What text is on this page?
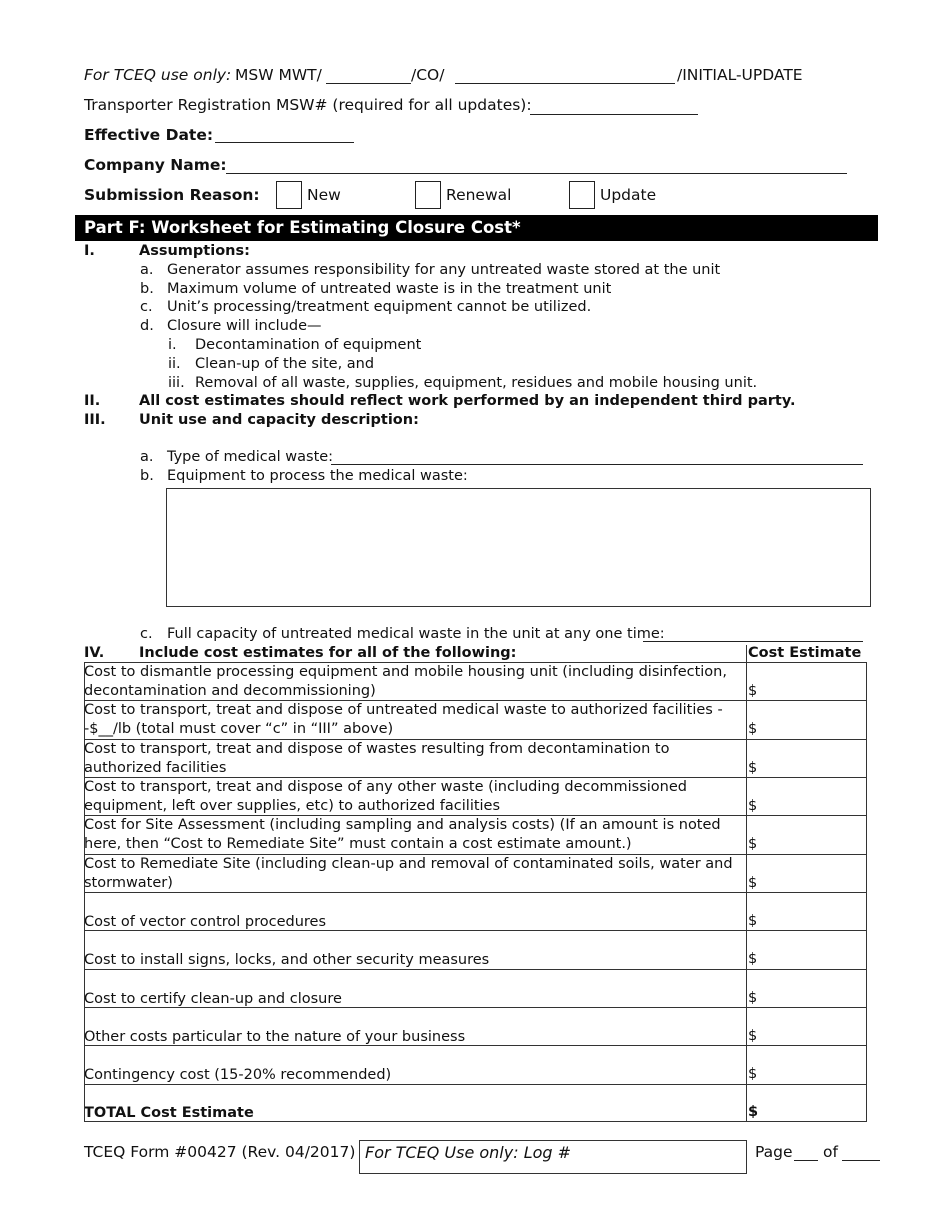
For TCEQ use only: MSW MWT/	/CO/	/INITIAL-UPDATE
Transporter Registration MSW# (required for all updates):
Effective Date:
Company Name:
Submission Reason:	New	Renewal	Update
Part F: Worksheet for Estimating Closure Cost*
I.	Assumptions:
a. Generator assumes responsibility for any untreated waste stored at the unit
b. Maximum volume of untreated waste is in the treatment unit
c. Unit’s processing/treatment equipment cannot be utilized.
d. Closure will include—
i. Decontamination of equipment
ii. Clean-up of the site, and
iii. Removal of all waste, supplies, equipment, residues and mobile housing unit.
II.	All cost estimates should reflect work performed by an independent third party.
III. Unit use and capacity description:
a. Type of medical waste:
b. Equipment to process the medical waste:
c. Full capacity of untreated medical waste in the unit at any one time:
IV. Include cost estimates for all of the following:	Cost Estimate
Cost to dismantle processing equipment and mobile housing unit (including disinfection, decontamination and decommissioning)	$
Cost to transport, treat and dispose of untreated medical waste to authorized facilities --$__/lb (total must cover “c” in “III” above)	$
Cost to transport, treat and dispose of wastes resulting from decontamination to authorized facilities	$
Cost to transport, treat and dispose of any other waste (including decommissioned equipment, left over supplies, etc) to authorized facilities	$
Cost for Site Assessment (including sampling and analysis costs) (If an amount is noted here, then “Cost to Remediate Site” must contain a cost estimate amount.)	$
Cost to Remediate Site (including clean-up and removal of contaminated soils, water and stormwater)	$
Cost of vector control procedures	$
Cost to install signs, locks, and other security measures	$
Cost to certify clean-up and closure	$
Other costs particular to the nature of your business	$
Contingency cost (15-20% recommended)	$
TOTAL Cost Estimate	$
TCEQ Form #00427 (Rev. 04/2017) For TCEQ Use only: Log #	Page of
